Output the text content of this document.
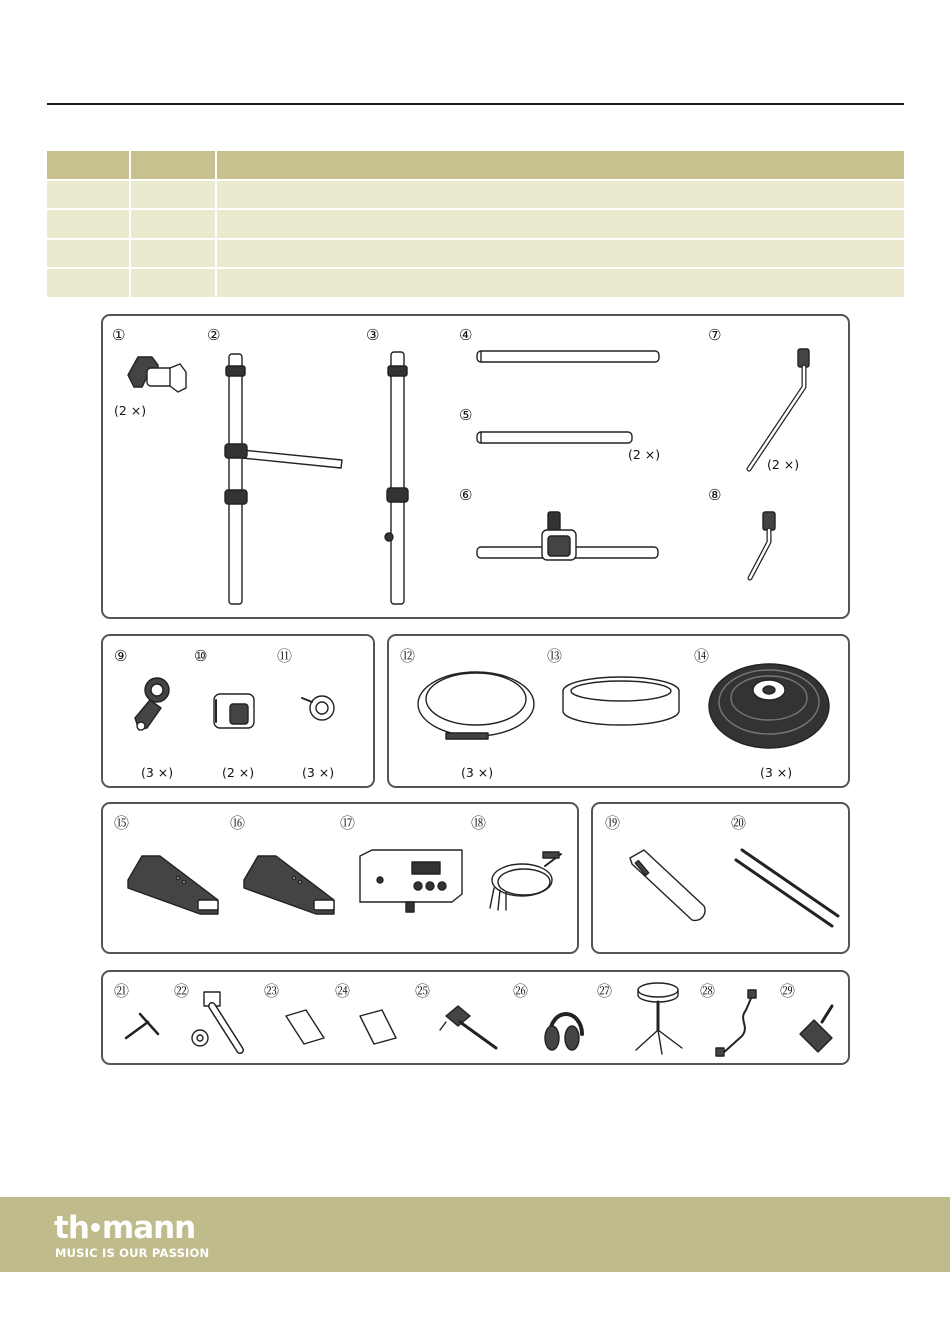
①	②	③	④
⑤
⑥
⑦
⑧
⑨	⑩	⑪	⑫	⑬	⑭
⑮	⑯	⑰	⑱	⑲	⑳
㉑	㉒	㉓	㉔	㉕	㉖	㉗	㉘	㉙
(2 ×)
(2 ×)
(2 ×)
(3 ×)	(2 ×)	(3 ×)	(3 ×)	(3 ×)
th mann
MUSIC IS OUR PASSION
